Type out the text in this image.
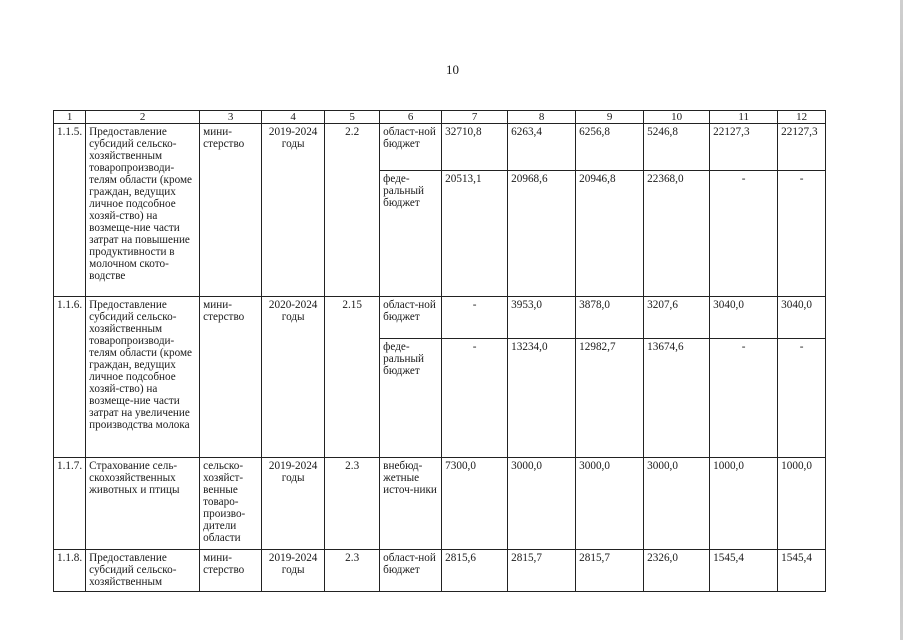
10
1	2	3	4	5	6	7	8	9	10	11	12
1.1.5.	Предоставление субсидий сельско-хозяйственным товаропроизводи-телям области (кроме граждан, ведущих личное подсобное хозяй-ство) на возмеще-ние части затрат на повышение продуктивности в молочном ското-водстве	мини-стерство	2019-2024 годы	2.2	област-ной бюджет	32710,8	6263,4	6256,8	5246,8	22127,3	22127,3
					феде-ральный бюджет	20513,1	20968,6	20946,8	22368,0	-	-
1.1.6.	Предоставление субсидий сельско-хозяйственным товаропроизводи-телям области (кроме граждан, ведущих личное подсобное хозяй-ство) на возмеще-ние части затрат на увеличение производства молока	мини-стерство	2020-2024 годы	2.15	област-ной бюджет	-	3953,0	3878,0	3207,6	3040,0	3040,0
					феде-ральный бюджет	-	13234,0	12982,7	13674,6	-	-
1.1.7.	Страхование сель-скохозяйственных животных и птицы	сельско-хозяйст-венные товаро-произво-дители области	2019-2024 годы	2.3	внебюд-жетные источ-ники	7300,0	3000,0	3000,0	3000,0	1000,0	1000,0
1.1.8.	Предоставление субсидий сельско-хозяйственным	мини-стерство	2019-2024 годы	2.3	област-ной бюджет	2815,6	2815,7	2815,7	2326,0	1545,4	1545,4
